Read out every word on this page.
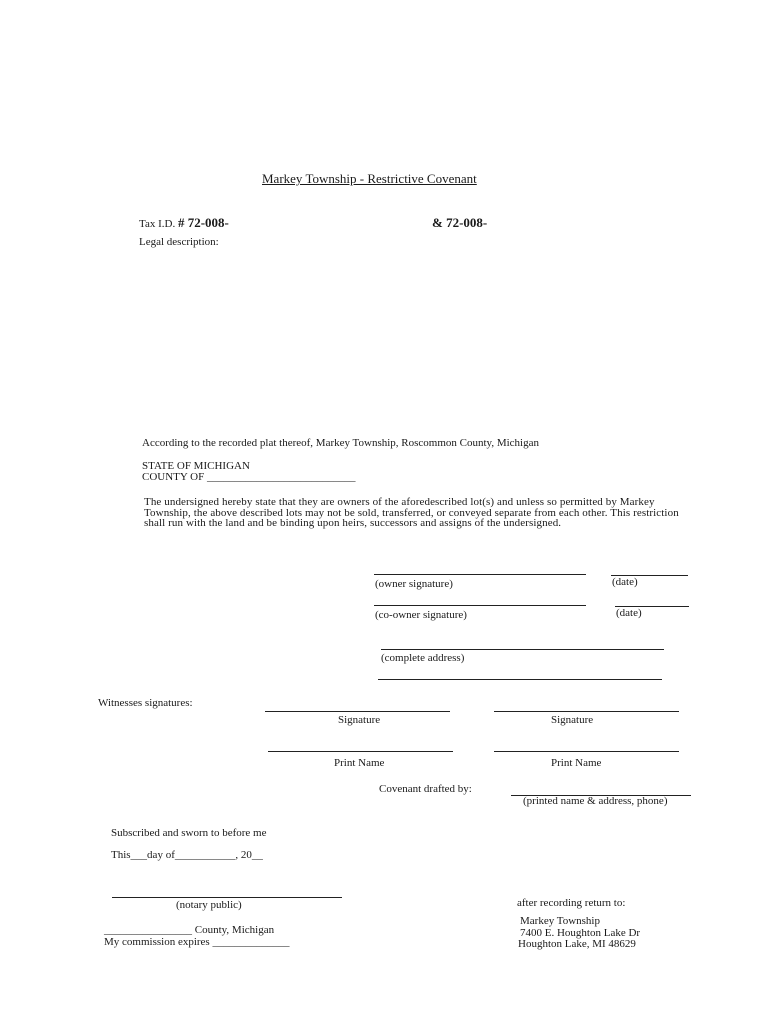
Markey Township - Restrictive Covenant
Tax I.D. # 72-008-	& 72-008-
Legal description:
According to the recorded plat thereof, Markey Township, Roscommon County, Michigan
STATE OF MICHIGAN
COUNTY OF ___________________________
The undersigned hereby state that they are owners of the aforedescribed lot(s) and unless so permitted by Markey Township, the above described lots may not be sold, transferred, or conveyed separate from each other. This restriction shall run with the land and be binding upon heirs, successors and assigns of the undersigned.
(owner signature)	(date)
(co-owner signature)	(date)
(complete address)
Witnesses signatures:
Signature	Signature
Print Name	Print Name
Covenant drafted by:
(printed name & address, phone)
Subscribed and sworn to before me
This___day of___________, 20__
(notary public)
________________ County, Michigan
My commission expires ______________
after recording return to:
Markey Township
7400 E. Houghton Lake Dr
Houghton Lake, MI 48629
